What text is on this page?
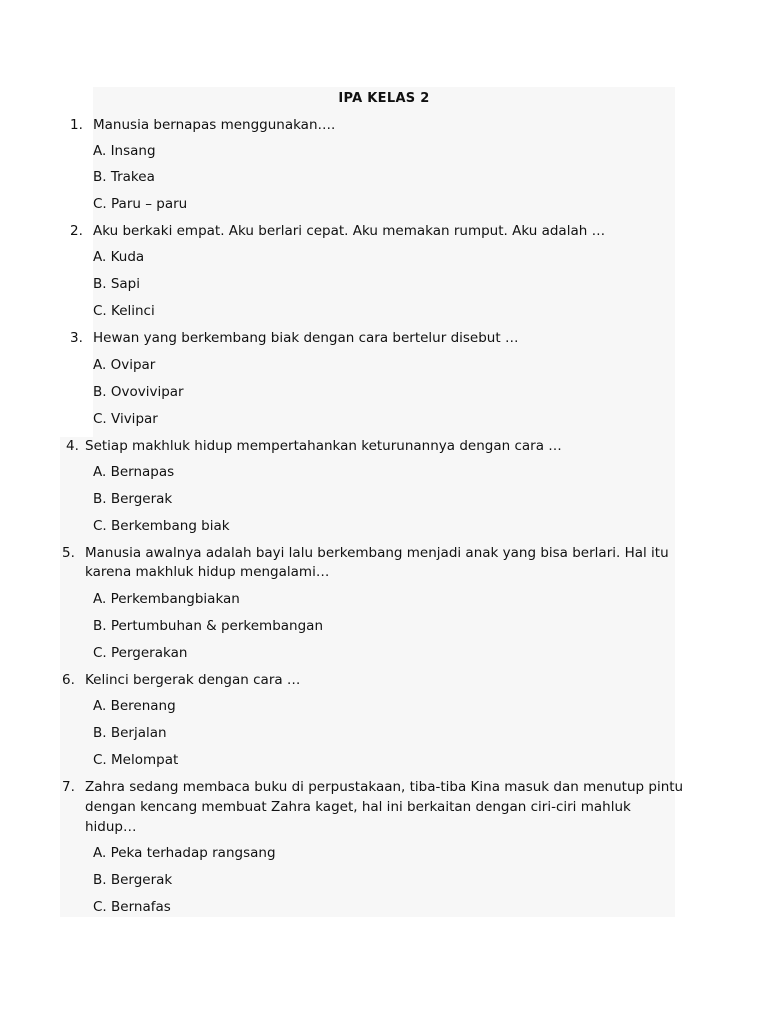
IPA KELAS 2
1. Manusia bernapas menggunakan….
A. Insang
B. Trakea
C. Paru – paru
2. Aku berkaki empat. Aku berlari cepat. Aku memakan rumput. Aku adalah …
A. Kuda
B. Sapi
C. Kelinci
3. Hewan yang berkembang biak dengan cara bertelur disebut …
A. Ovipar
B. Ovovivipar
C. Vivipar
4. Setiap makhluk hidup mempertahankan keturunannya dengan cara …
A. Bernapas
B. Bergerak
C. Berkembang biak
5. Manusia awalnya adalah bayi lalu berkembang menjadi anak yang bisa berlari. Hal itu
karena makhluk hidup mengalami…
A. Perkembangbiakan
B. Pertumbuhan & perkembangan
C. Pergerakan
6. Kelinci bergerak dengan cara …
A. Berenang
B. Berjalan
C. Melompat
7. Zahra sedang membaca buku di perpustakaan, tiba-tiba Kina masuk dan menutup pintu
dengan kencang membuat Zahra kaget, hal ini berkaitan dengan ciri-ciri mahluk
hidup…
A. Peka terhadap rangsang
B. Bergerak
C. Bernafas
